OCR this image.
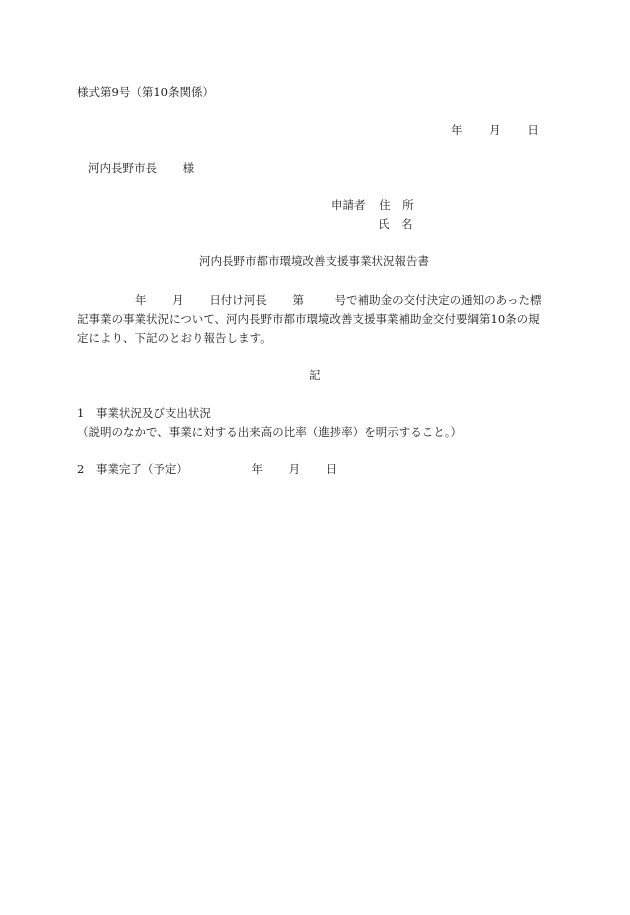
様式第9号（第10条関係）
年 月 日
河内長野市長 様
申請者 住　所
氏　名
河内長野市都市環境改善支援事業状況報告書
年 月 日付け河長 第	号で補助金の交付決定の通知のあった標
記事業の事業状況について、河内長野市都市環境改善支援事業補助金交付要綱第10条の規
定により、下記のとおり報告します。
記
1　事業状況及び支出状況
（説明のなかで、事業に対する出来高の比率（進捗率）を明示すること。）
2　事業完了（予定）	年 月 日
